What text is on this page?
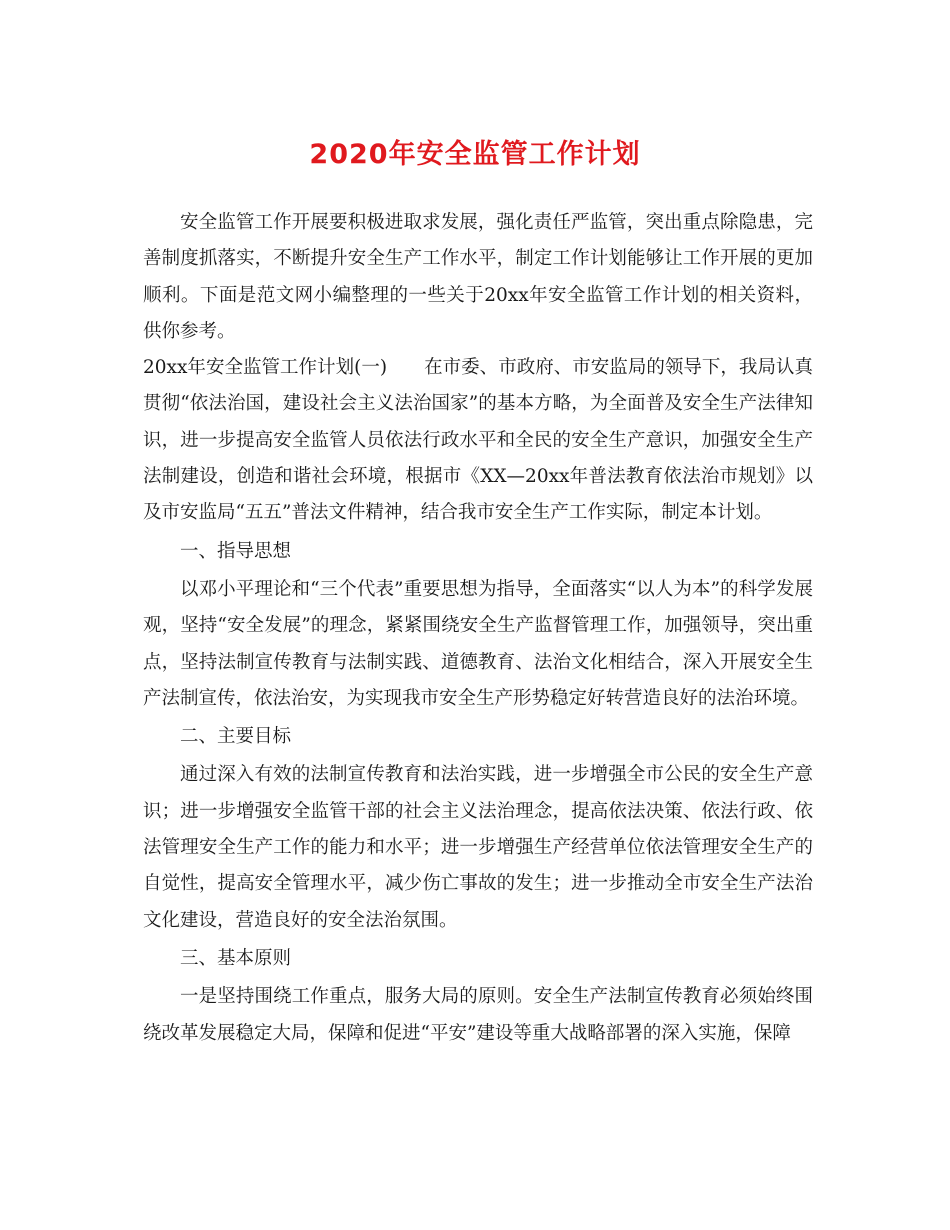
2020年安全监管工作计划

安全监管工作开展要积极进取求发展，强化责任严监管，突出重点除隐患，完善制度抓落实，不断提升安全生产工作水平，制定工作计划能够让工作开展的更加顺利。下面是范文网小编整理的一些关于20xx年安全监管工作计划的相关资料，供你参考。

20xx年安全监管工作计划(一)　　在市委、市政府、市安监局的领导下，我局认真贯彻“依法治国，建设社会主义法治国家”的基本方略，为全面普及安全生产法律知识，进一步提高安全监管人员依法行政水平和全民的安全生产意识，加强安全生产法制建设，创造和谐社会环境，根据市《XX—20xx年普法教育依法治市规划》以及市安监局“五五”普法文件精神，结合我市安全生产工作实际，制定本计划。

一、指导思想

以邓小平理论和“三个代表”重要思想为指导，全面落实“以人为本”的科学发展观，坚持“安全发展”的理念，紧紧围绕安全生产监督管理工作，加强领导，突出重点，坚持法制宣传教育与法制实践、道德教育、法治文化相结合，深入开展安全生产法制宣传，依法治安，为实现我市安全生产形势稳定好转营造良好的法治环境。

二、主要目标

通过深入有效的法制宣传教育和法治实践，进一步增强全市公民的安全生产意识；进一步增强安全监管干部的社会主义法治理念，提高依法决策、依法行政、依法管理安全生产工作的能力和水平；进一步增强生产经营单位依法管理安全生产的自觉性，提高安全管理水平，减少伤亡事故的发生；进一步推动全市安全生产法治文化建设，营造良好的安全法治氛围。

三、基本原则

一是坚持围绕工作重点，服务大局的原则。安全生产法制宣传教育必须始终围绕改革发展稳定大局，保障和促进“平安”建设等重大战略部署的深入实施，保障
